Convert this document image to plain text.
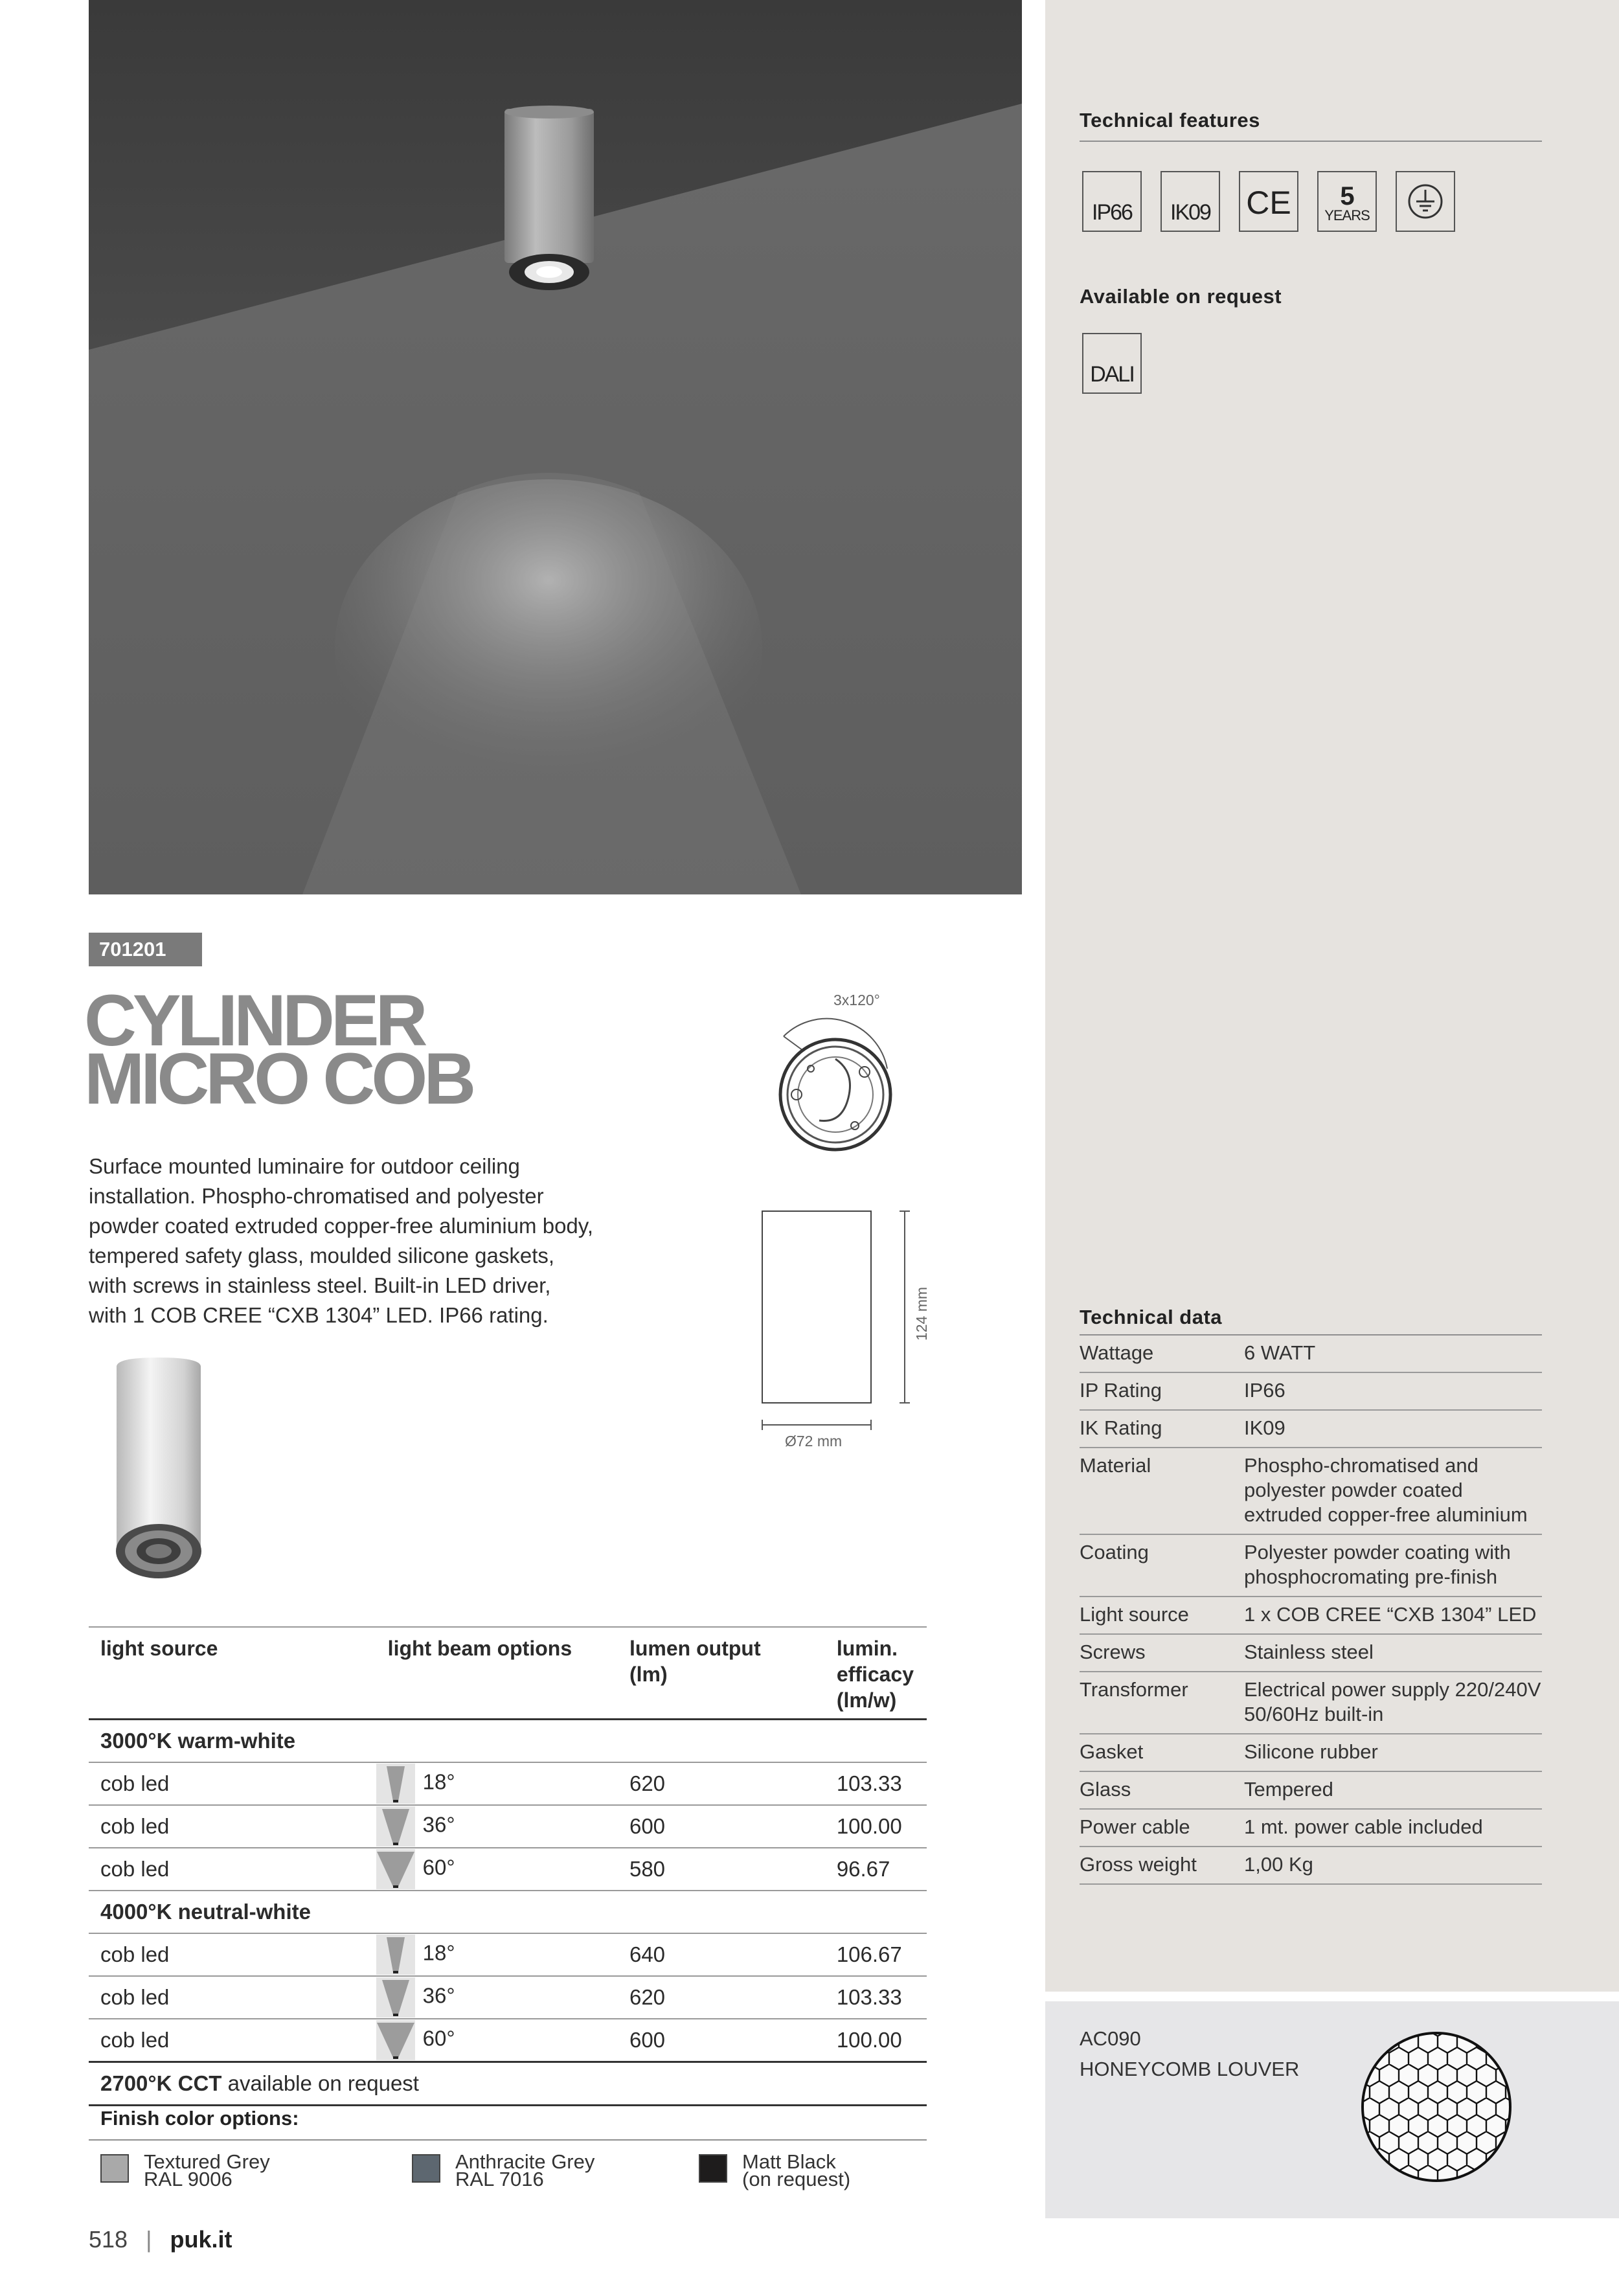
Technical features
IP66 IK09 CE 5
YEARS
Available on request
DALI
Technical data
Wattage	6 WATT
IP Rating	IP66
IK Rating	IK09
Material	Phospho-chromatised and polyester powder coated extruded copper-free aluminium
Coating	Polyester powder coating with phosphocromating pre-finish
Light source	1 x COB CREE “CXB 1304” LED
Screws	Stainless steel
Transformer	Electrical power supply 220/240V 50/60Hz built-in
Gasket	Silicone rubber
Glass	Tempered
Power cable	1 mt. power cable included
Gross weight	1,00 Kg
AC090
HONEYCOMB LOUVER
701201
CYLINDER
MICRO COB

Surface mounted luminaire for outdoor ceiling

installation. Phospho-chromatised and polyester

powder coated extruded copper-free aluminium body,

tempered safety glass, moulded silicone gaskets,

with screws in stainless steel. Built-in LED driver,

with 1 COB CREE “CXB 1304” LED. IP66 rating.

3x120°
124 mm
Ø72 mm
light source	light beam options	lumen output (lm)	lumin. efficacy (lm/w)
3000°K warm-white			
cob led	18°	620	103.33
cob led	36°	600	100.00
cob led	60°	580	96.67
4000°K neutral-white			
cob led	18°	640	106.67
cob led	36°	620	103.33
cob led	60°	600	100.00
2700°K CCT available on request			
Finish color options:
Textured Grey
RAL 9006
Anthracite Grey
RAL 7016
Matt Black
(on request)
518 | puk.it
